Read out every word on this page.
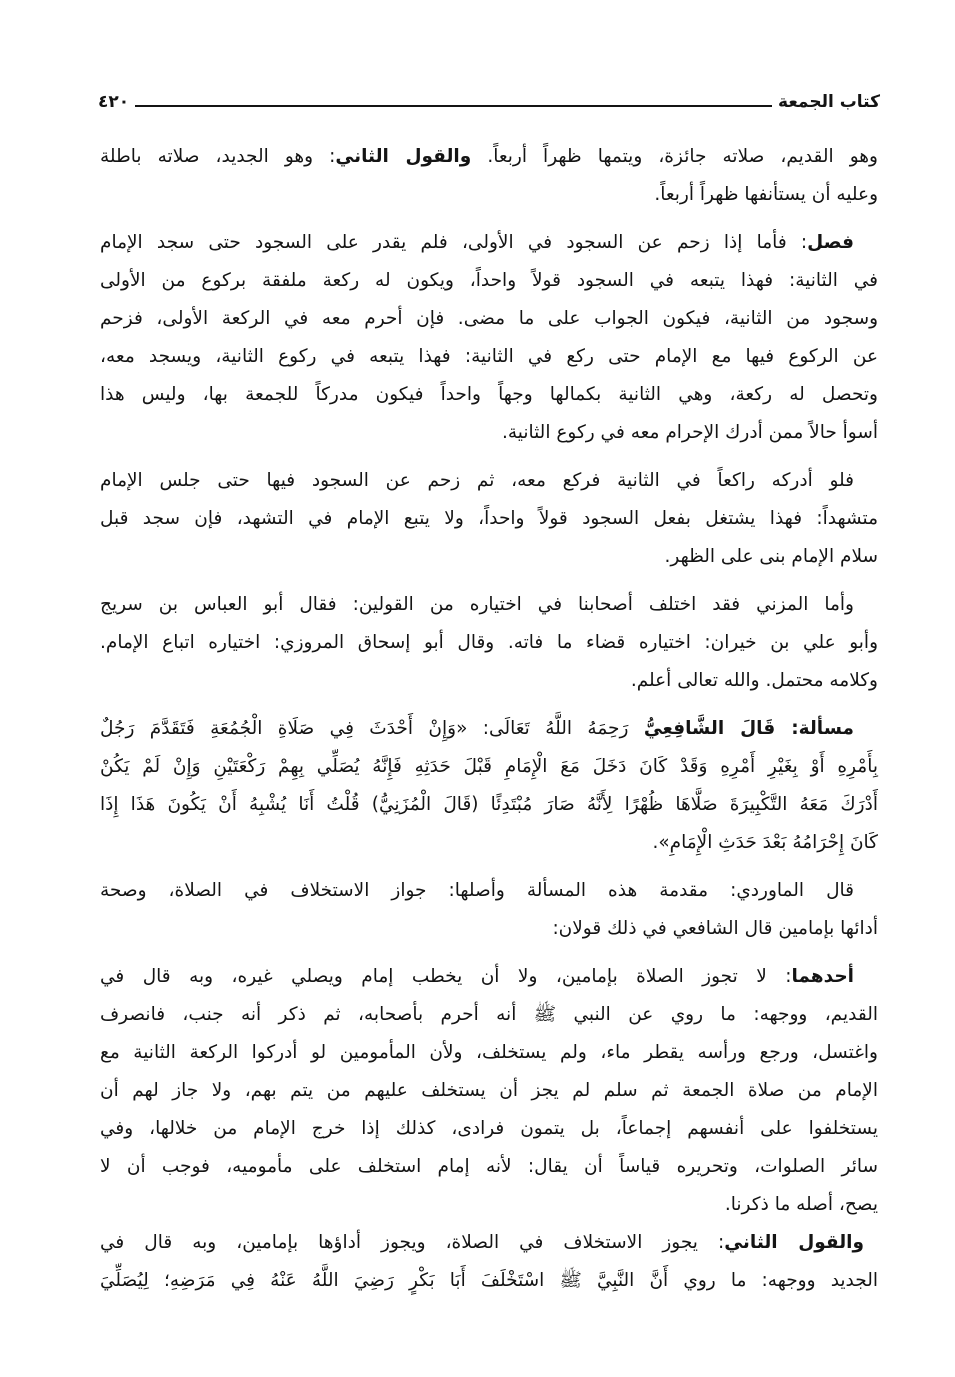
كتاب الجمعة
٤٢٠
وهو القديم، صلاته جائزة، ويتمها ظهراً أربعاً. والقول الثاني: وهو الجديد، صلاته باطلة
وعليه أن يستأنفها ظهراً أربعاً.
فصل: فأما إذا زحم عن السجود في الأولى، فلم يقدر على السجود حتى سجد الإمام
في الثانية: فهذا يتبعه في السجود قولاً واحداً، ويكون له ركعة ملفقة بركوع من الأولى
وسجود من الثانية، فيكون الجواب على ما مضى. فإن أحرم معه في الركعة الأولى، فزحم
عن الركوع فيها مع الإمام حتى ركع في الثانية: فهذا يتبعه في ركوع الثانية، ويسجد معه،
وتحصل له ركعة، وهي الثانية بكمالها وجهاً واحداً فيكون مدركاً للجمعة بها، وليس هذا
أسوأ حالاً ممن أدرك الإحرام معه في ركوع الثانية.
فلو أدركه راكعاً في الثانية فركع معه، ثم زحم عن السجود فيها حتى جلس الإمام
متشهداً: فهذا يشتغل بفعل السجود قولاً واحداً، ولا يتبع الإمام في التشهد، فإن سجد قبل
سلام الإمام بنى على الظهر.
وأما المزني فقد اختلف أصحابنا في اختياره من القولين: فقال أبو العباس بن سريج
وأبو علي بن خيران: اختياره قضاء ما فاته. وقال أبو إسحاق المروزي: اختياره اتباع الإمام.
وكلامه محتمل. والله تعالى أعلم.
مسألة: قَالَ الشَّافِعِيُّ رَحِمَهُ اللَّهُ تَعَالَى: «وَإِنْ أَحْدَثَ فِي صَلَاةِ الْجُمُعَةِ فَتَقَدَّمَ رَجُلٌ
بِأَمْرِهِ أَوْ بِغَيْرِ أَمْرِهِ وَقَدْ كَانَ دَخَلَ مَعَ الْإِمَامِ قَبْلَ حَدَثِهِ فَإِنَّهُ يُصَلِّي بِهِمْ رَكْعَتَيْنِ وَإِنْ لَمْ يَكُنْ
أَدْرَكَ مَعَهُ التَّكْبِيرَةَ صَلَّاهَا ظُهْرًا لِأَنَّهُ صَارَ مُبْتَدِئًا (قَالَ الْمُزَنِيُّ) قُلْتُ أَنَا يُشْبِهُ أَنْ يَكُونَ هَذَا إِذَا
كَانَ إِحْرَامُهُ بَعْدَ حَدَثِ الْإِمَامِ».
قال الماوردي: مقدمة هذه المسألة وأصلها: جواز الاستخلاف في الصلاة، وصحة
أدائها بإمامين قال الشافعي في ذلك قولان:
أحدهما: لا تجوز الصلاة بإمامين، ولا أن يخطب إمام ويصلي غيره، وبه قال في
القديم، ووجهه: ما روي عن النبي ﷺ أنه أحرم بأصحابه، ثم ذكر أنه جنب، فانصرف
واغتسل، ورجع ورأسه يقطر ماء، ولم يستخلف، ولأن المأمومين لو أدركوا الركعة الثانية مع
الإمام من صلاة الجمعة ثم سلم لم يجز أن يستخلف عليهم من يتم بهم، ولا جاز لهم أن
يستخلفوا على أنفسهم إجماعاً، بل يتمون فرادى، كذلك إذا خرج الإمام من خلالها، وفي
سائر الصلوات، وتحريره قياساً أن يقال: لأنه إمام استخلف على مأموميه، فوجب أن لا
يصح، أصله ما ذكرنا.
والقول الثاني: يجوز الاستخلاف في الصلاة، ويجوز أداؤها بإمامين، وبه قال في
الجديد ووجهه: ما روي أَنَّ النَّبِيَّ ﷺ اسْتَخْلَفَ أَبَا بَكْرٍ رَضِيَ اللَّهُ عَنْهُ فِي مَرَضِهِ؛ لِيُصَلِّيَ
